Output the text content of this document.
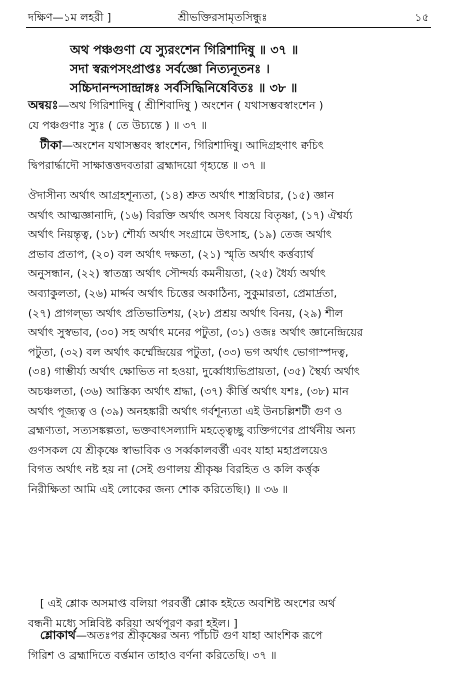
দক্ষিণ—১ম লহরী ]	শ্রীভক্তিরসামৃতসিন্ধুঃ	১৫
অথ পঞ্চগুণা যে স্যুরংশেন গিরিশাদিষু ॥ ৩৭ ॥
সদা স্বরূপসংপ্রাপ্তঃ সর্বজ্ঞো নিত্যনূতনঃ ।
সচ্চিদানন্দসান্দ্রাঙ্গঃ সর্বসিদ্ধিনিষেবিতঃ ॥ ৩৮ ॥

অন্বয়ঃ—অথ গিরিশাদিষু ( শ্রীশিবাদিষু ) অংশেন ( যথাসম্ভবস্বাংশেন )

যে পঞ্চগুণাঃ স্যুঃ ( তে উচ্যন্তে ) ॥ ৩৭ ॥

টীকা—অংশেন যথাসম্ভবং স্বাংশেন, গিরিশাদিষু। আদিগ্রহণাৎ ক্বচিৎ

দ্বিপরার্দ্ধাদৌ সাক্ষাত্তত্তদবতারা ব্রহ্মাদয়ো গৃহ্যন্তে ॥ ৩৭ ॥

ঔদাসীন্য অর্থাৎ আগ্রহশূন্যতা, (১৪) শ্রুত অর্থাৎ শাস্ত্রবিচার, (১৫) জ্ঞান

অর্থাৎ আত্মজ্ঞানাদি, (১৬) বিরক্তি অর্থাৎ অসৎ বিষয়ে বিতৃষ্ণা, (১৭) ঐশ্বর্য্য

অর্থাৎ নিয়ন্তৃত্ব, (১৮) শৌর্য্য অর্থাৎ সংগ্রামে উৎসাহ, (১৯) তেজ অর্থাৎ

প্রভাব প্রতাপ, (২০) বল অর্থাৎ দক্ষতা, (২১) স্মৃতি অর্থাৎ কর্ত্তব্যার্থ

অনুসন্ধান, (২২) স্বাতন্ত্র্য অর্থাৎ সৌন্দর্য্য কমনীয়তা, (২৫) ধৈর্য্য অর্থাৎ

অব্যাকুলতা, (২৬) মার্দ্দব অর্থাৎ চিত্তের অকাঠিন্য, সুকুমারতা, প্রেমার্দ্রতা,

(২৭) প্রাগল্‌ভ্য অর্থাৎ প্রতিভাতিশয়, (২৮) প্রশ্রয় অর্থাৎ বিনয়, (২৯) শীল

অর্থাৎ সুস্বভাব, (৩০) সহ অর্থাৎ মনের পটুতা, (৩১) ওজঃ অর্থাৎ জ্ঞানেন্দ্রিয়ের

পটুতা, (৩২) বল অর্থাৎ কর্ম্মেন্দ্রিয়ের পটুতা, (৩৩) ভগ অর্থাৎ ভোগাস্পদত্ব,

(৩৪) গাম্ভীর্য্য অর্থাৎ ক্ষোভিত না হওয়া, দুর্ব্বোধ্যভিপ্রায়তা, (৩৫) স্থৈর্য্য অর্থাৎ

অচঞ্চলতা, (৩৬) আস্তিক্য অর্থাৎ শ্রদ্ধা, (৩৭) কীর্ত্তি অর্থাৎ যশঃ, (৩৮) মান

অর্থাৎ পূজ্যত্ব ও (৩৯) অনহঙ্কারী অর্থাৎ গর্বশূন্যতা এই উনচল্লিশটী গুণ ও

ব্রহ্মণ্যতা, সত্যসঙ্কল্পতা, ভক্তবাৎসল্যাদি মহত্ত্বেচ্ছু ব্যক্তিগণের প্রার্থনীয় অন্য

গুণসকল যে শ্রীকৃষ্ণে স্বাভাবিক ও সর্ব্বকালবর্ত্তী এবং যাহা মহাপ্রলয়েও

বিগত অর্থাৎ নষ্ট হয় না (সেই গুণালয় শ্রীকৃষ্ণ বিরহিত ও কলি কর্ত্তৃক

নিরীক্ষিতা আমি এই লোকের জন্য শোক করিতেছি।) ॥ ৩৬ ॥

[ এই শ্লোক অসমাপ্ত বলিয়া পরবর্ত্তী শ্লোক হইতে অবশিষ্ট অংশের অর্থ

বন্ধনী মধ্যে সন্নিবিষ্ট করিয়া অর্থপূরণ করা হইল। ]

শ্লোকার্থ—অতঃপর শ্রীকৃষ্ণের অন্য পাঁচটি গুণ যাহা আংশিক রূপে

গিরিশ ও ব্রহ্মাদিতে বর্ত্তমান তাহাও বর্ণনা করিতেছি। ৩৭ ॥
